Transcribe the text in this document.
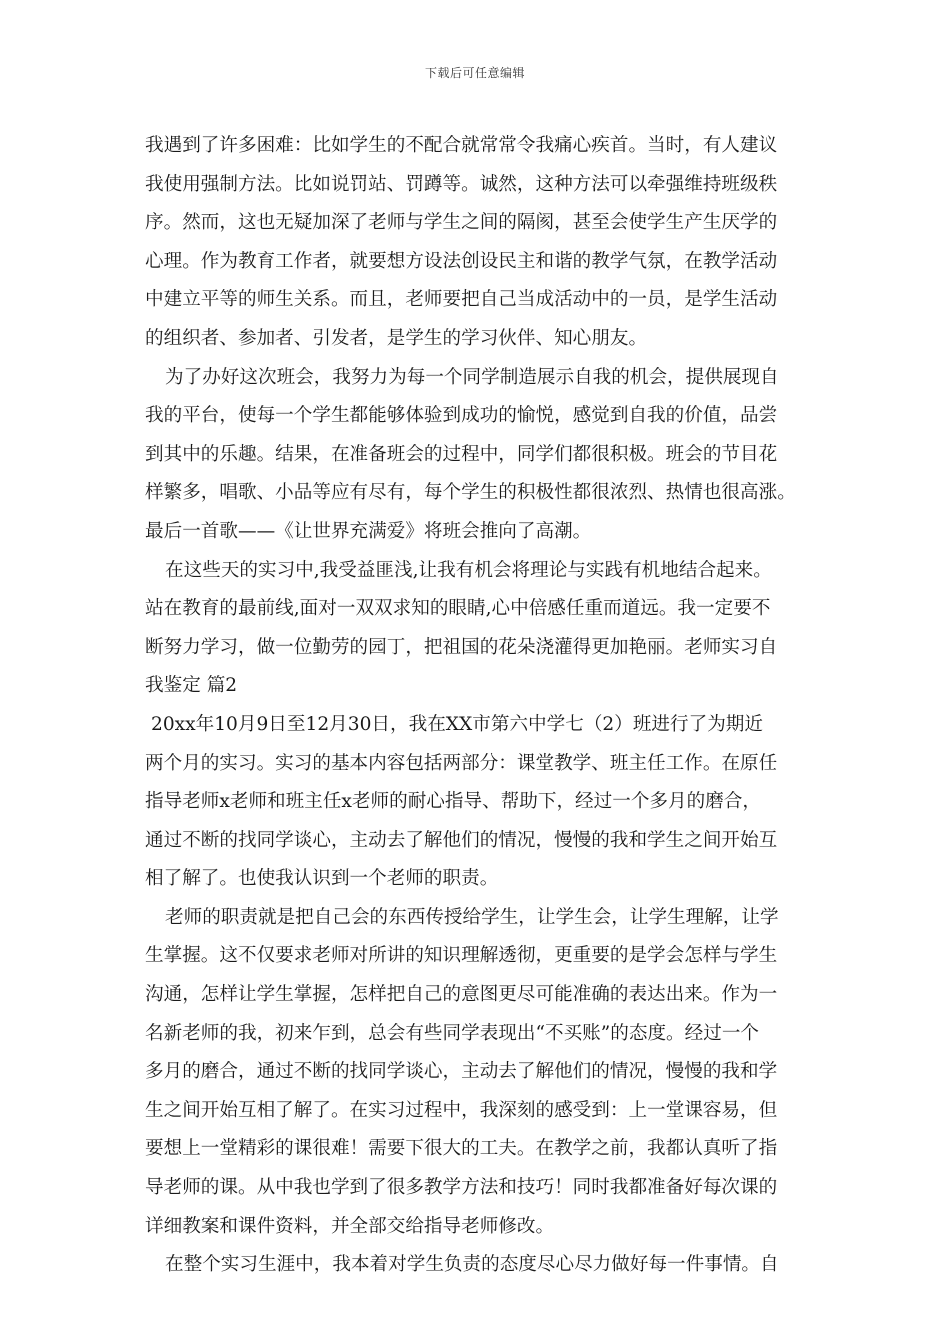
下载后可任意编辑
我遇到了许多困难：比如学生的不配合就常常令我痛心疾首。当时，有人建议
我使用强制方法。比如说罚站、罚蹲等。诚然，这种方法可以牵强维持班级秩
序。然而，这也无疑加深了老师与学生之间的隔阂，甚至会使学生产生厌学的
心理。作为教育工作者，就要想方设法创设民主和谐的教学气氛，在教学活动
中建立平等的师生关系。而且，老师要把自己当成活动中的一员，是学生活动
的组织者、参加者、引发者，是学生的学习伙伴、知心朋友。
为了办好这次班会，我努力为每一个同学制造展示自我的机会，提供展现自
我的平台，使每一个学生都能够体验到成功的愉悦，感觉到自我的价值，品尝
到其中的乐趣。结果，在准备班会的过程中，同学们都很积极。班会的节目花
样繁多，唱歌、小品等应有尽有，每个学生的积极性都很浓烈、热情也很高涨。
最后一首歌——《让世界充满爱》将班会推向了高潮。
在这些天的实习中,我受益匪浅,让我有机会将理论与实践有机地结合起来。
站在教育的最前线,面对一双双求知的眼睛,心中倍感任重而道远。我一定要不
断努力学习，做一位勤劳的园丁，把祖国的花朵浇灌得更加艳丽。老师实习自
我鉴定 篇2
20xx年10月9日至12月30日，我在XX市第六中学七（2）班进行了为期近
两个月的实习。实习的基本内容包括两部分：课堂教学、班主任工作。在原任
指导老师x老师和班主任x老师的耐心指导、帮助下，经过一个多月的磨合，
通过不断的找同学谈心，主动去了解他们的情况，慢慢的我和学生之间开始互
相了解了。也使我认识到一个老师的职责。
老师的职责就是把自己会的东西传授给学生，让学生会，让学生理解，让学
生掌握。这不仅要求老师对所讲的知识理解透彻，更重要的是学会怎样与学生
沟通，怎样让学生掌握，怎样把自己的意图更尽可能准确的表达出来。作为一
名新老师的我，初来乍到，总会有些同学表现出“不买账”的态度。经过一个
多月的磨合，通过不断的找同学谈心，主动去了解他们的情况，慢慢的我和学
生之间开始互相了解了。在实习过程中，我深刻的感受到：上一堂课容易，但
要想上一堂精彩的课很难！需要下很大的工夫。在教学之前，我都认真听了指
导老师的课。从中我也学到了很多教学方法和技巧！同时我都准备好每次课的
详细教案和课件资料，并全部交给指导老师修改。
在整个实习生涯中，我本着对学生负责的态度尽心尽力做好每一件事情。自
